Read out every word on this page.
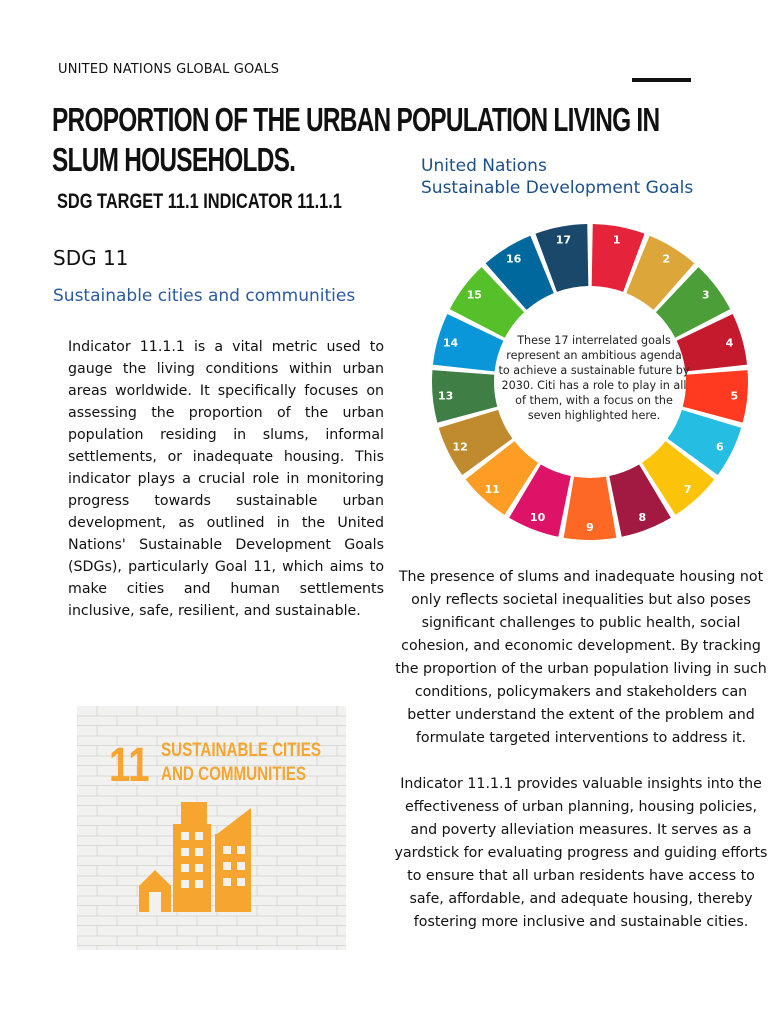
UNITED NATIONS GLOBAL GOALS
PROPORTION OF THE URBAN POPULATION LIVING IN SLUM HOUSEHOLDS.
SDG TARGET 11.1 INDICATOR 11.1.1
SDG 11
Sustainable cities and communities
Indicator 11.1.1 is a vital metric used to gauge the living conditions within urban areas worldwide. It specifically focuses on assessing the proportion of the urban population residing in slums, informal settlements, or inadequate housing. This indicator plays a crucial role in monitoring progress towards sustainable urban development, as outlined in the United Nations' Sustainable Development Goals (SDGs), particularly Goal 11, which aims to make cities and human settlements inclusive, safe, resilient, and sustainable.
United Nations
Sustainable Development Goals
1
2
3
4
5
6
7
8
9
10
11
12
13
14
15
16
17
These 17 interrelated goals
represent an ambitious agenda
to achieve a sustainable future by
2030. Citi has a role to play in all
of them, with a focus on the
seven highlighted here.

The presence of slums and inadequate housing not only reflects societal inequalities but also poses significant challenges to public health, social cohesion, and economic development. By tracking the proportion of the urban population living in such conditions, policymakers and stakeholders can better understand the extent of the problem and formulate targeted interventions to address it.

Indicator 11.1.1 provides valuable insights into the effectiveness of urban planning, housing policies, and poverty alleviation measures. It serves as a yardstick for evaluating progress and guiding efforts to ensure that all urban residents have access to safe, affordable, and adequate housing, thereby fostering more inclusive and sustainable cities.

11 SUSTAINABLE CITIES
AND COMMUNITIES
